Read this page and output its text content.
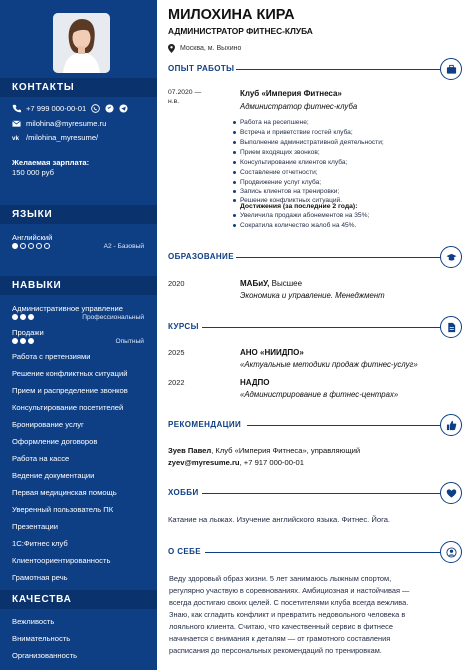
КОНТАКТЫ
+7 999 000-00-01
milohina@myresume.ru
vk /milohina_myresume/
Желаемая зарплата:
150 000 руб
ЯЗЫКИ
Английский
A2 - Базовый
НАВЫКИ
Административное управление
Профессиональный
Продажи
Опытный
Работа с претензиями
Решение конфликтных ситуаций
Прием и распределение звонков
Консультирование посетителей
Бронирование услуг
Оформление договоров
Работа на кассе
Ведение документации
Первая медицинская помощь
Уверенный пользователь ПК
Презентации
1С:Фитнес клуб
Клиентоориентированность
Грамотная речь
КАЧЕСТВА
Вежливость
Внимательность
Организованность
МИЛОХИНА КИРА
АДМИНИСТРАТОР ФИТНЕС-КЛУБА
Москва, м. Выхино
ОПЫТ РАБОТЫ
07.2020 —
н.в.
Клуб «Империя Фитнеса»
Администратор фитнес-клуба
Работа на ресепшене;
Встреча и приветствие гостей клуба;
Выполнение административной деятельности;
Прием входящих звонков;
Консультирование клиентов клуба;
Составление отчетности;
Продвижение услуг клуба;
Запись клиентов на тренировки;
Решение конфликтных ситуаций.
Достижения (за последние 2 года):
Увеличила продажи абонементов на 35%;
Сократила количество жалоб на 45%.
ОБРАЗОВАНИЕ
2020	МАБиУ, Высшее
Экономика и управление. Менеджмент
КУРСЫ
2025	АНО «НИИДПО»
«Актуальные методики продаж фитнес-услуг»
2022	НАДПО
«Администрирование в фитнес-центрах»
РЕКОМЕНДАЦИИ
Зуев Павел, Клуб «Империя Фитнеса», управляющий
zyev@myresume.ru, +7 917 000-00-01
ХОББИ
Катание на лыжах. Изучение английского языка. Фитнес. Йога.
О СЕБЕ
Веду здоровый образ жизни. 5 лет занимаюсь лыжным спортом,
регулярно участвую в соревнованиях. Амбициозная и настойчивая —
всегда достигаю своих целей. С посетителями клуба всегда вежлива.
Знаю, как сгладить конфликт и превратить недовольного человека в
лояльного клиента. Считаю, что качественный сервис в фитнесе
начинается с внимания к деталям — от грамотного составления
расписания до персональных рекомендаций по тренировкам.
